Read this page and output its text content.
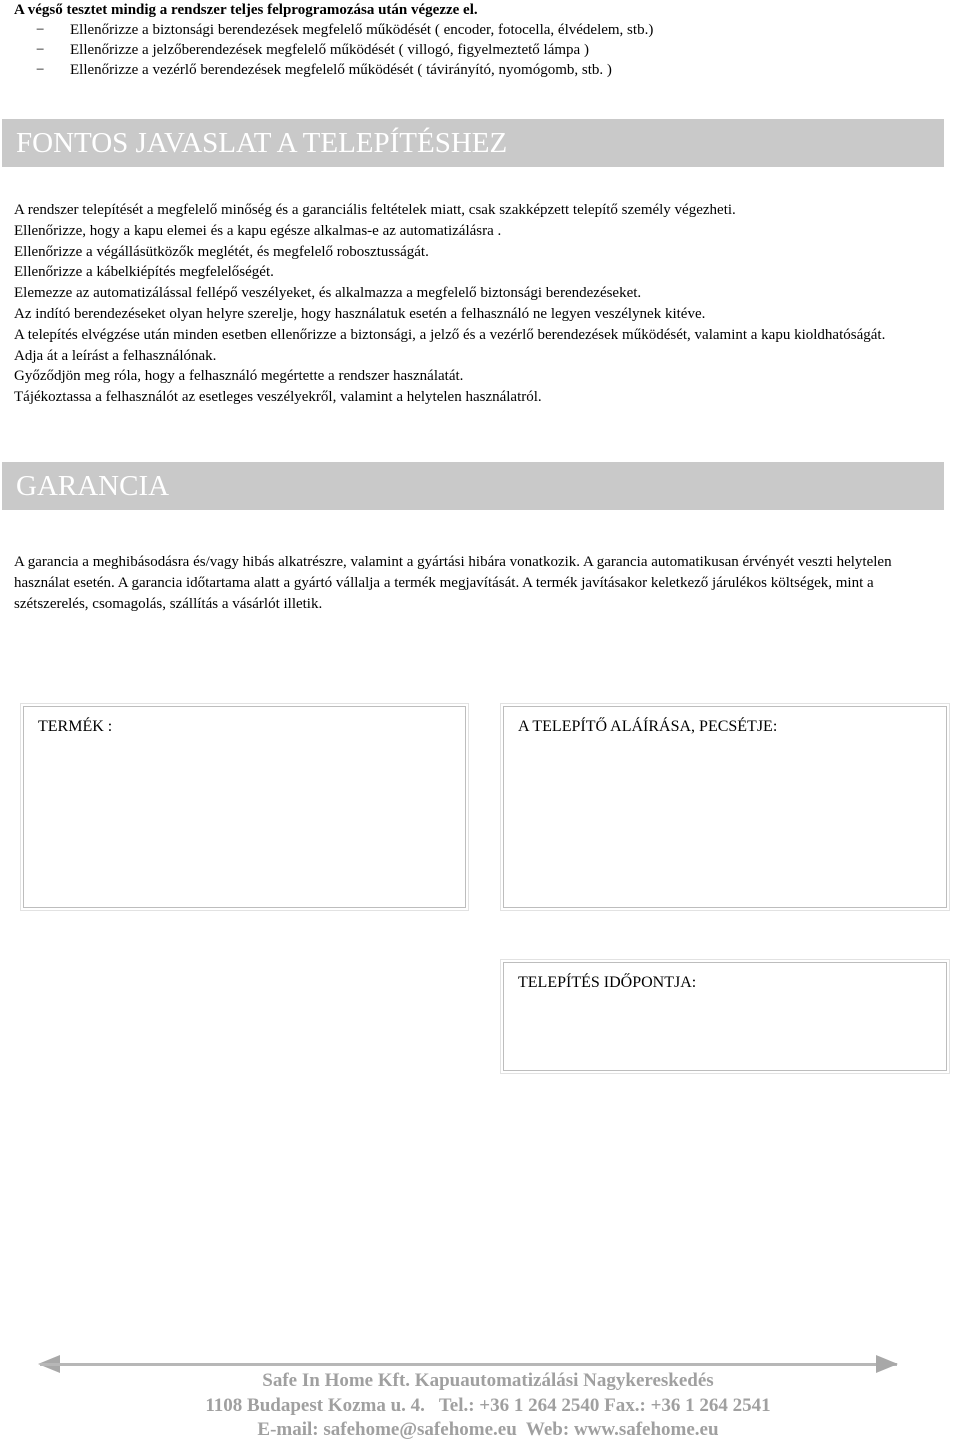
A végső tesztet mindig a rendszer teljes felprogramozása után végezze el.
− Ellenőrizze a biztonsági berendezések megfelelő működését ( encoder, fotocella, élvédelem, stb.)
− Ellenőrizze a jelzőberendezések megfelelő működését ( villogó, figyelmeztető lámpa )
− Ellenőrizze a vezérlő berendezések megfelelő működését ( távirányító, nyomógomb, stb. )
FONTOS JAVASLAT A TELEPÍTÉSHEZ

A rendszer telepítését a megfelelő minőség és a garanciális feltételek miatt, csak szakképzett telepítő személy végezheti.

Ellenőrizze, hogy a kapu elemei és a kapu egésze alkalmas-e az automatizálásra .

Ellenőrizze a végállásütközők meglétét, és megfelelő robosztusságát.

Ellenőrizze a kábelkiépítés megfelelőségét.

Elemezze az automatizálással fellépő veszélyeket, és alkalmazza a megfelelő biztonsági berendezéseket.

Az indító berendezéseket olyan helyre szerelje, hogy használatuk esetén a felhasználó ne legyen veszélynek kitéve.

A telepítés elvégzése után minden esetben ellenőrizze a biztonsági, a jelző és a vezérlő berendezések működését, valamint a kapu kioldhatóságát.

Adja át a leírást a felhasználónak.

Győződjön meg róla, hogy a felhasználó megértette a rendszer használatát.

Tájékoztassa a felhasználót az esetleges veszélyekről, valamint a helytelen használatról.

GARANCIA

A garancia a meghibásodásra és/vagy hibás alkatrészre, valamint a gyártási hibára vonatkozik. A garancia automatikusan érvényét veszti helytelen használat esetén. A garancia időtartama alatt a gyártó vállalja a termék megjavítását. A termék javításakor keletkező járulékos költségek, mint a szétszerelés, csomagolás, szállítás a vásárlót illetik.

TERMÉK :	A TELEPÍTŐ ALÁÍRÁSA, PECSÉTJE:
TELEPÍTÉS IDŐPONTJA:
Safe In Home Kft. Kapuautomatizálási Nagykereskedés
1108 Budapest Kozma u. 4.   Tel.: +36 1 264 2540 Fax.: +36 1 264 2541
E-mail: safehome@safehome.eu  Web: www.safehome.eu
